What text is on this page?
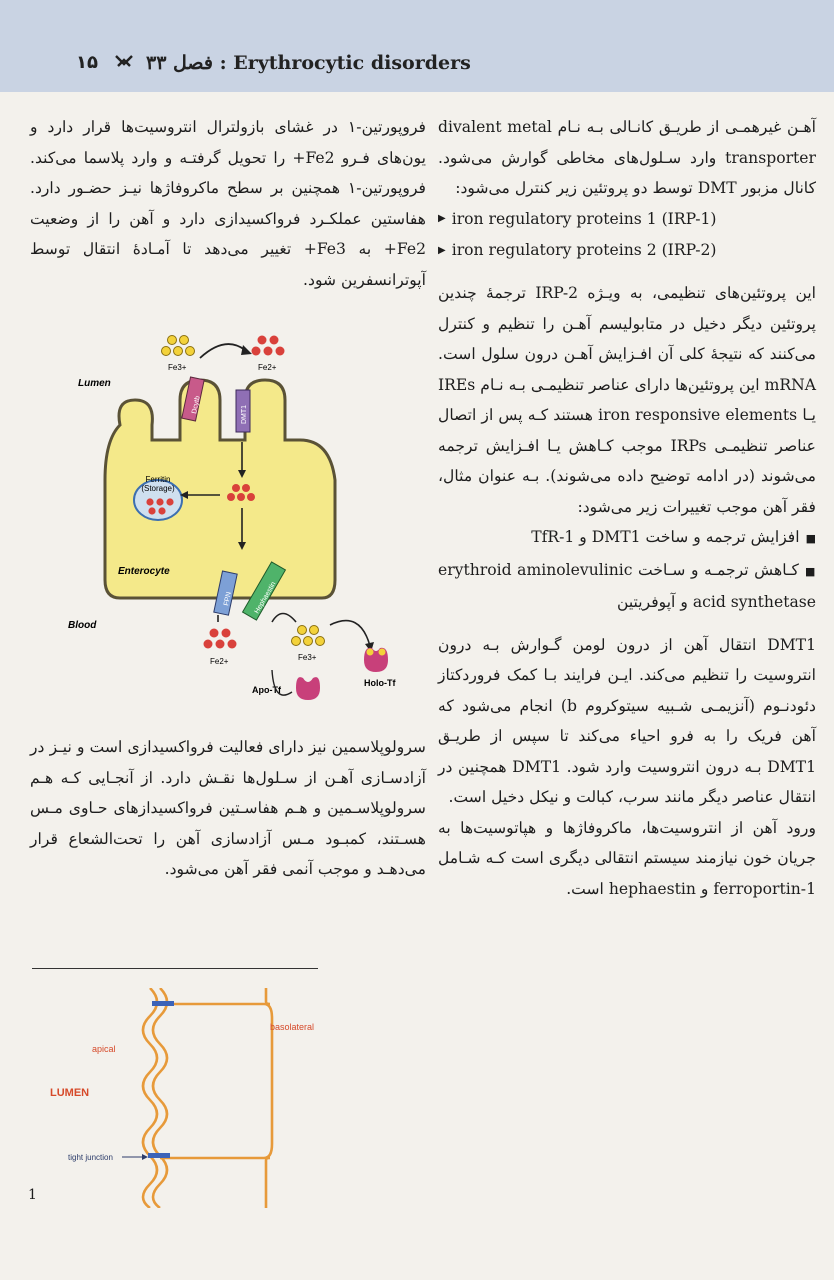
۱۵	فصل ۳۳ : Erythrocytic disorders

آهـن غیرهمـی از طریـق کانـالی بـه نـام divalent metal transporter وارد سـلول‌های مخاطی گوارش می‌شود. کانال مزبور DMT توسط دو پروتئین زیر کنترل می‌شود:

▶ iron regulatory proteins 1 (IRP-1)
▶ iron regulatory proteins 2 (IRP-2)

این پروتئین‌های تنظیمی، به ویـژه IRP-2 ترجمهٔ چندین پروتئین دیگر دخیل در متابولیسم آهـن را تنظیم و کنترل می‌کنند که نتیجهٔ کلی آن افـزایش آهـن درون سلول است. mRNA این پروتئین‌ها دارای عناصر تنظیمـی بـه نـام IREs یـا iron responsive elements هستند کـه پس از اتصال عناصر تنظیمـی IRPs موجب کـاهش یـا افـزایش ترجمه می‌شوند (در ادامه توضیح داده می‌شوند). بـه عنوان مثال، فقر آهن موجب تغییرات زیر می‌شود:

■افزایش ترجمه و ساخت DMT1 و TfR-1

■کـاهش ترجمـه و سـاخت erythroid aminolevulinic acid synthetase و آپوفریتین

DMT1 انتقال آهن از درون لومن گـوارش بـه درون انتروسیت را تنظیم می‌کند. ایـن فرایند بـا کمک فروردکتاز دئودنـوم (آنزیمـی شـبیه سیتوکروم b) انجام می‌شود که آهن فریک را به فرو احیاء می‌کند تا سپس از طریـق DMT1 بـه درون انتروسیت وارد شود. DMT1 همچنین در انتقال عناصر دیگر مانند سرب، کبالت و نیکل دخیل است.

ورود آهن از انتروسیت‌ها، ماکروفاژها و هپاتوسیت‌ها به جریان خون نیازمند سیستم انتقالی دیگری است کـه شـامل ferroportin-1 و hephaestin است.

فروپورتین-۱ در غشای بازولترال انتروسیت‌ها قرار دارد و یون‌های فـرو Fe2+ را تحویل گرفتـه و وارد پلاسما می‌کند. فروپورتین-۱ همچنین بر سطح ماکروفاژها نیـز حضـور دارد. هفاستین عملکـرد فرواکسیدازی دارد و آهن را از وضعیت Fe2+ به Fe3+ تغییر می‌دهد تا آمـادهٔ انتقال توسط آپوترانسفرین شود.

Ferritin
(Storage)
Dcytb
DMT1
FPN	Hephaestin
Fe3+	Fe2+
Lumen
Enterocyte
Blood
Fe2+	Fe3+
Holo-Tf
Apo-Tf

سرولوپلاسمین نیز دارای فعالیت فرواکسیدازی است و نیـز در آزادسـازی آهـن از سـلول‌ها نقـش دارد. از آنجـایی کـه هـم سرولوپلاسـمین و هـم هفاسـتین فرواکسیدازهای حـاوی مـس هسـتند، کمبـود مـس آزادسازی آهن را تحت‌الشعاع قرار می‌دهـد و موجب آنمی فقر آهن می‌شود.

basolateral
apical
LUMEN
tight junction
1
